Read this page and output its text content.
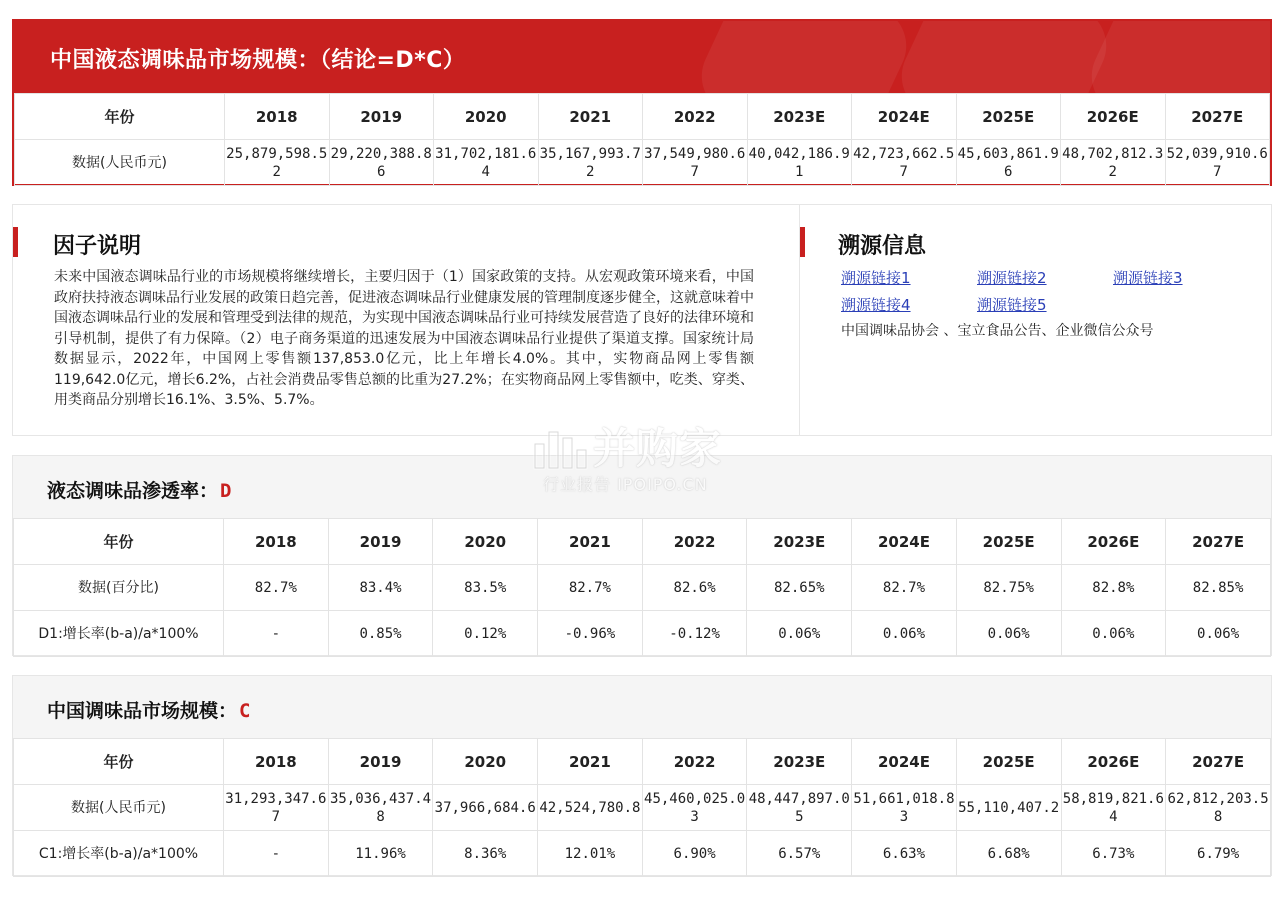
中国液态调味品市场规模：（结论=D*C）
年份	2018	2019	2020	2021	2022	2023E	2024E	2025E	2026E	2027E
数据(人民币元)	25,879,598.52	29,220,388.86	31,702,181.64	35,167,993.72	37,549,980.67	40,042,186.91	42,723,662.57	45,603,861.96	48,702,812.32	52,039,910.67
因子说明
未来中国液态调味品行业的市场规模将继续增长，主要归因于（1）国家政策的支持。从宏观政策环境来看，中国政府扶持液态调味品行业发展的政策日趋完善，促进液态调味品行业健康发展的管理制度逐步健全，这就意味着中国液态调味品行业的发展和管理受到法律的规范，为实现中国液态调味品行业可持续发展营造了良好的法律环境和引导机制，提供了有力保障。（2）电子商务渠道的迅速发展为中国液态调味品行业提供了渠道支撑。国家统计局数据显示，2022年，中国网上零售额137,853.0亿元，比上年增长4.0%。其中，实物商品网上零售额119,642.0亿元，增长6.2%，占社会消费品零售总额的比重为27.2%；在实物商品网上零售额中，吃类、穿类、用类商品分别增长16.1%、3.5%、5.7%。
溯源信息
溯源链接1	溯源链接2	溯源链接3溯源链接4	溯源链接5
中国调味品协会 、宝立食品公告、企业微信公众号
液态调味品渗透率： D
年份	2018	2019	2020	2021	2022	2023E	2024E	2025E	2026E	2027E
数据(百分比)	82.7%	83.4%	83.5%	82.7%	82.6%	82.65%	82.7%	82.75%	82.8%	82.85%
D1:增长率(b-a)/a*100%	-	0.85%	0.12%	-0.96%	-0.12%	0.06%	0.06%	0.06%	0.06%	0.06%
中国调味品市场规模： C
年份	2018	2019	2020	2021	2022	2023E	2024E	2025E	2026E	2027E
数据(人民币元)	31,293,347.67	35,036,437.48	37,966,684.6	42,524,780.8	45,460,025.03	48,447,897.05	51,661,018.83	55,110,407.2	58,819,821.64	62,812,203.58
C1:增长率(b-a)/a*100%	-	11.96%	8.36%	12.01%	6.90%	6.57%	6.63%	6.68%	6.73%	6.79%
并购家
行业报告 IPOIPO.CN
